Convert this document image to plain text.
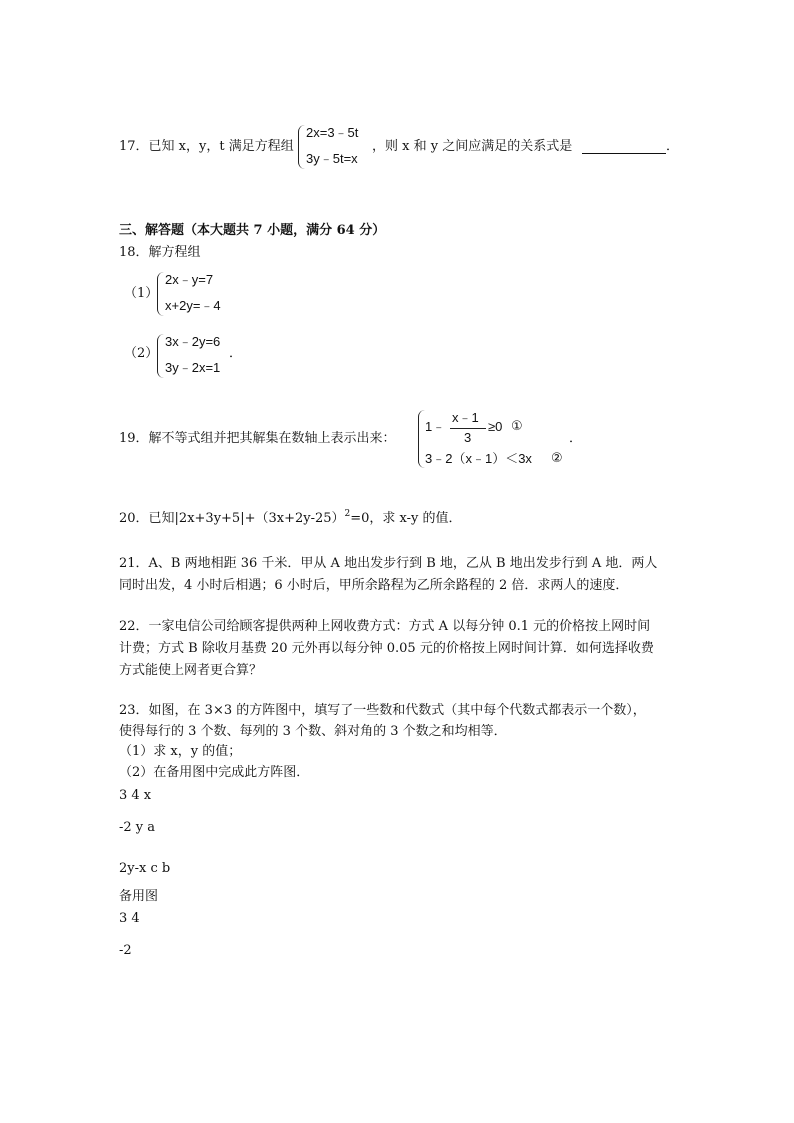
17．已知 x，y，t 满足方程组
2x=3﹣5t
3y﹣5t=x
，则 x 和 y 之间应满足的关系式是	．
三、解答题（本大题共 7 小题，满分 64 分）
18．解方程组
（1）
2x﹣y=7
x+2y=﹣4
（2）
3x﹣2y=6
3y﹣2x=1
．
19．解不等式组并把其解集在数轴上表示出来：
1﹣
x﹣1
3
≥0 ①
3﹣2（x﹣1）＜3x ②
．
20．已知$|2x+3y+5|+(3x+2y-25)^2=0$，求 x-y 的值．
21．A、B 两地相距 36 千米．甲从 A 地出发步行到 B 地，乙从 B 地出发步行到 A 地．两人
同时出发，4 小时后相遇；6 小时后，甲所余路程为乙所余路程的 2 倍．求两人的速度．
22．一家电信公司给顾客提供两种上网收费方式：方式 A 以每分钟 0.1 元的价格按上网时间
计费；方式 B 除收月基费 20 元外再以每分钟 0.05 元的价格按上网时间计算．如何选择收费
方式能使上网者更合算？
23．如图，在 3×3 的方阵图中，填写了一些数和代数式（其中每个代数式都表示一个数），
使得每行的 3 个数、每列的 3 个数、斜对角的 3 个数之和均相等．
（1）求 x，y 的值；
（2）在备用图中完成此方阵图．
3 4 x
-2 y a
2y-x c b
备用图
3 4
-2
